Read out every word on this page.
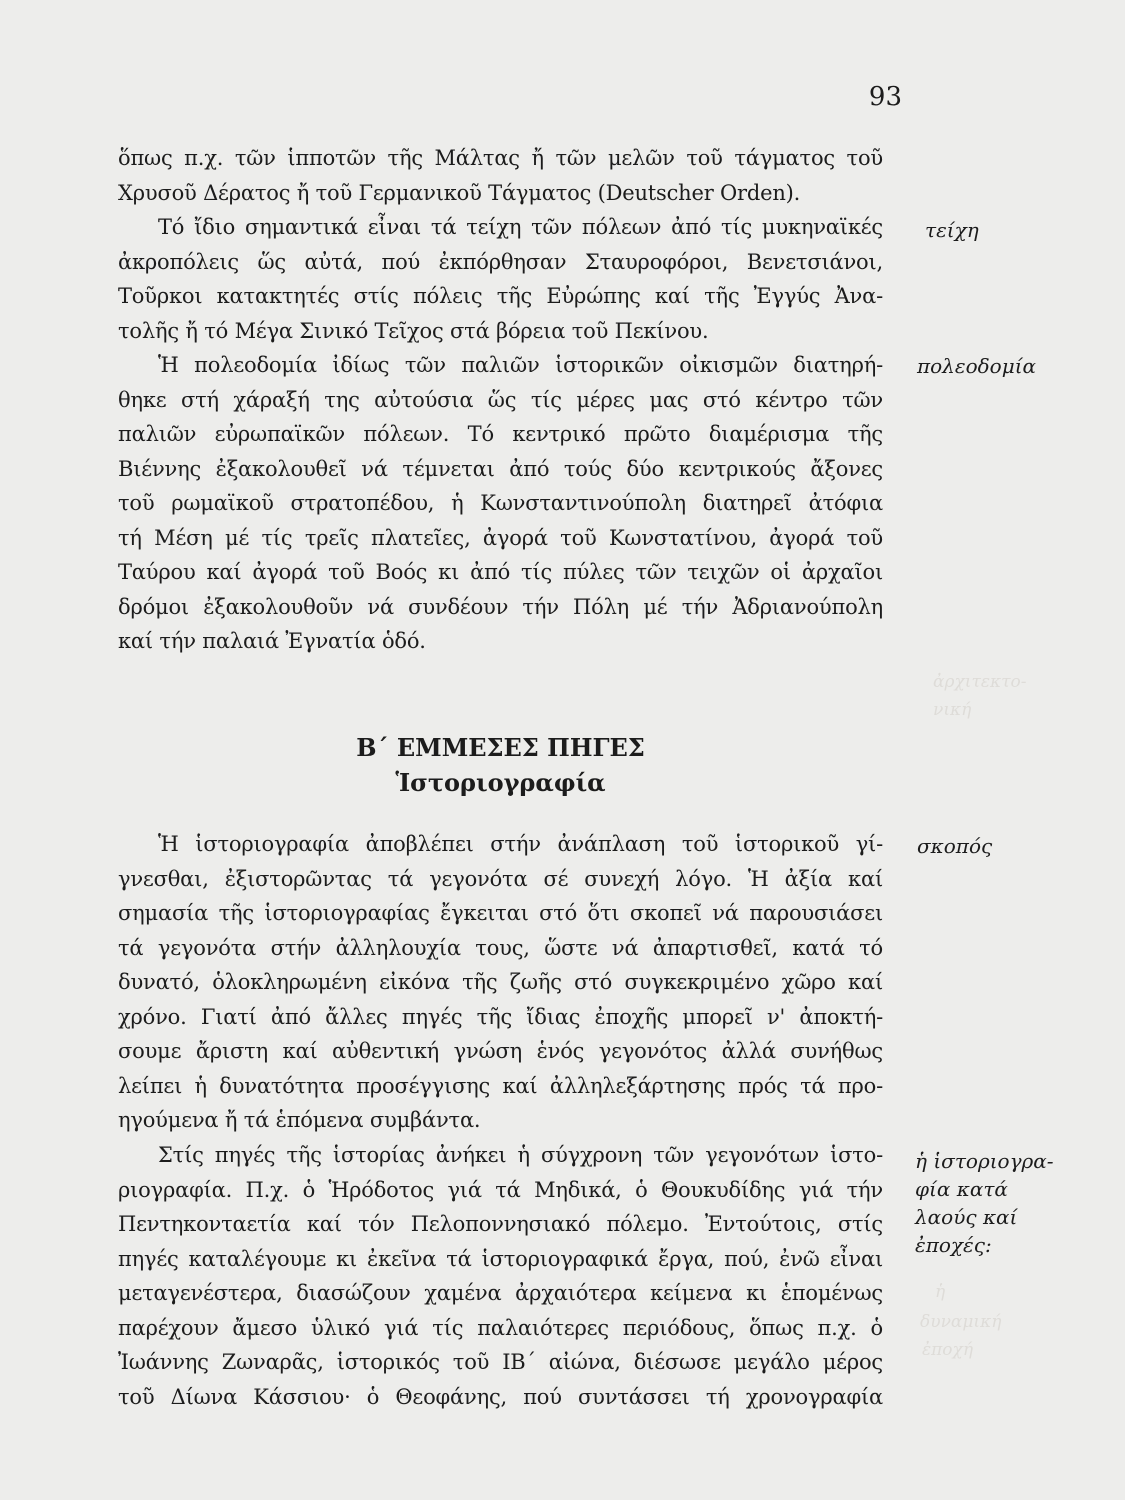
ἀρχιτεκτο-
νική
ἡ
δυναμική
ἐποχή
93
ὅπως π.χ. τῶν ἱπποτῶν τῆς Μάλτας ἤ τῶν μελῶν τοῦ τάγματος τοῦ
Χρυσοῦ Δέρατος ἤ τοῦ Γερμανικοῦ Τάγματος (Deutscher Orden).
Τό ἴδιο σημαντικά εἶναι τά τείχη τῶν πόλεων ἀπό τίς μυκηναϊκές
ἀκροπόλεις ὥς αὐτά, πού ἐκπόρθησαν Σταυροφόροι, Βενετσιάνοι,
Τοῦρκοι κατακτητές στίς πόλεις τῆς Εὐρώπης καί τῆς Ἐγγύς Ἀνα-
τολῆς ἤ τό Μέγα Σινικό Τεῖχος στά βόρεια τοῦ Πεκίνου.
Ἡ πολεοδομία ἰδίως τῶν παλιῶν ἱστορικῶν οἰκισμῶν διατηρή-
θηκε στή χάραξή της αὐτούσια ὥς τίς μέρες μας στό κέντρο τῶν
παλιῶν εὐρωπαϊκῶν πόλεων. Τό κεντρικό πρῶτο διαμέρισμα τῆς
Βιέννης ἐξακολουθεῖ νά τέμνεται ἀπό τούς δύο κεντρικούς ἄξονες
τοῦ ρωμαϊκοῦ στρατοπέδου, ἡ Κωνσταντινούπολη διατηρεῖ ἀτόφια
τή Μέση μέ τίς τρεῖς πλατεῖες, ἀγορά τοῦ Κωνστατίνου, ἀγορά τοῦ
Ταύρου καί ἀγορά τοῦ Βοός κι ἀπό τίς πύλες τῶν τειχῶν οἱ ἀρχαῖοι
δρόμοι ἐξακολουθοῦν νά συνδέουν τήν Πόλη μέ τήν Ἀδριανούπολη
καί τήν παλαιά Ἐγνατία ὁδό.
Β΄ ΕΜΜΕΣΕΣ ΠΗΓΕΣ
Ἱστοριογραφία
Ἡ ἱστοριογραφία ἀποβλέπει στήν ἀνάπλαση τοῦ ἱστορικοῦ γί-
γνεσθαι, ἐξιστορῶντας τά γεγονότα σέ συνεχή λόγο. Ἡ ἀξία καί
σημασία τῆς ἱστοριογραφίας ἔγκειται στό ὅτι σκοπεῖ νά παρουσιάσει
τά γεγονότα στήν ἀλληλουχία τους, ὥστε νά ἀπαρτισθεῖ, κατά τό
δυνατό, ὁλοκληρωμένη εἰκόνα τῆς ζωῆς στό συγκεκριμένο χῶρο καί
χρόνο. Γιατί ἀπό ἄλλες πηγές τῆς ἴδιας ἐποχῆς μπορεῖ ν' ἀποκτή-
σουμε ἄριστη καί αὐθεντική γνώση ἑνός γεγονότος ἀλλά συνήθως
λείπει ἡ δυνατότητα προσέγγισης καί ἀλληλεξάρτησης πρός τά προ-
ηγούμενα ἤ τά ἑπόμενα συμβάντα.
Στίς πηγές τῆς ἱστορίας ἀνήκει ἡ σύγχρονη τῶν γεγονότων ἱστο-
ριογραφία. Π.χ. ὁ Ἡρόδοτος γιά τά Μηδικά, ὁ Θουκυδίδης γιά τήν
Πεντηκονταετία καί τόν Πελοποννησιακό πόλεμο. Ἐντούτοις, στίς
πηγές καταλέγουμε κι ἐκεῖνα τά ἱστοριογραφικά ἔργα, πού, ἐνῶ εἶναι
μεταγενέστερα, διασώζουν χαμένα ἀρχαιότερα κείμενα κι ἑπομένως
παρέχουν ἄμεσο ὑλικό γιά τίς παλαιότερες περιόδους, ὅπως π.χ. ὁ
Ἰωάννης Ζωναρᾶς, ἱστορικός τοῦ ΙΒ΄ αἰώνα, διέσωσε μεγάλο μέρος
τοῦ Δίωνα Κάσσιου· ὁ Θεοφάνης, πού συντάσσει τή χρονογραφία
τείχη
πολεοδομία
σκοπός
ἡ ἱστοριογρα-
φία κατά
λαούς καί
ἐποχές:
